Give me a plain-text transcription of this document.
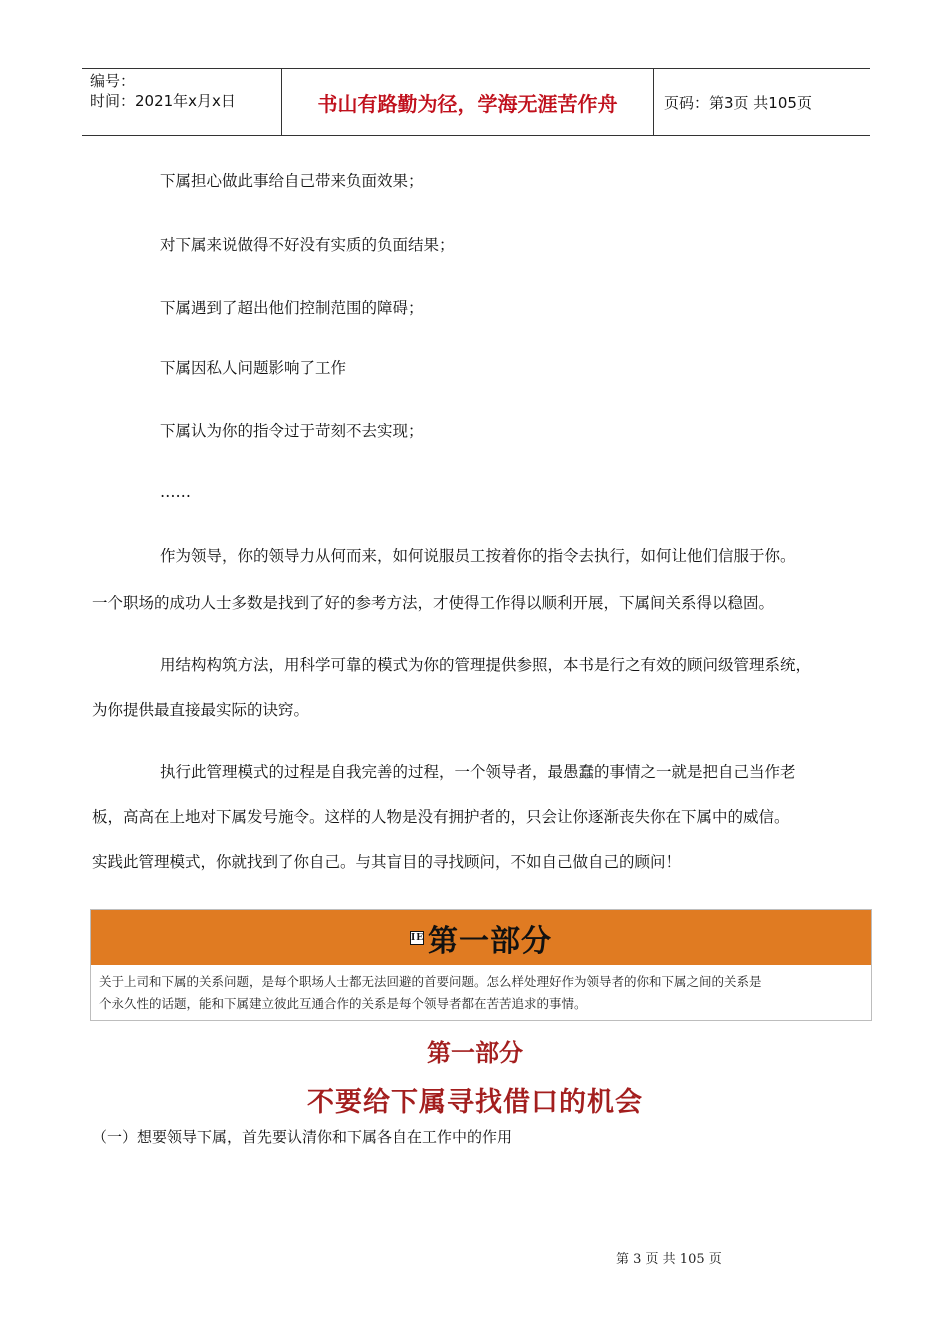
编号：
时间：2021年x月x日	书山有路勤为径，学海无涯苦作舟	页码：第3页 共105页
下属担心做此事给自己带来负面效果；
对下属来说做得不好没有实质的负面结果；
下属遇到了超出他们控制范围的障碍；
下属因私人问题影响了工作
下属认为你的指令过于苛刻不去实现；
……
作为领导，你的领导力从何而来，如何说服员工按着你的指令去执行，如何让他们信服于你。
一个职场的成功人士多数是找到了好的参考方法，才使得工作得以顺利开展，下属间关系得以稳固。
用结构构筑方法，用科学可靠的模式为你的管理提供参照，本书是行之有效的顾问级管理系统，
为你提供最直接最实际的诀窍。
执行此管理模式的过程是自我完善的过程，一个领导者，最愚蠢的事情之一就是把自己当作老
板，高高在上地对下属发号施令。这样的人物是没有拥护者的，只会让你逐渐丧失你在下属中的威信。
实践此管理模式，你就找到了你自己。与其盲目的寻找顾问，不如自己做自己的顾问！
IE 第一部分
关于上司和下属的关系问题，是每个职场人士都无法回避的首要问题。怎么样处理好作为领导者的你和下属之间的关系是
个永久性的话题，能和下属建立彼此互通合作的关系是每个领导者都在苦苦追求的事情。
第一部分
不要给下属寻找借口的机会
（一）想要领导下属，首先要认清你和下属各自在工作中的作用
第 3 页 共 105 页
